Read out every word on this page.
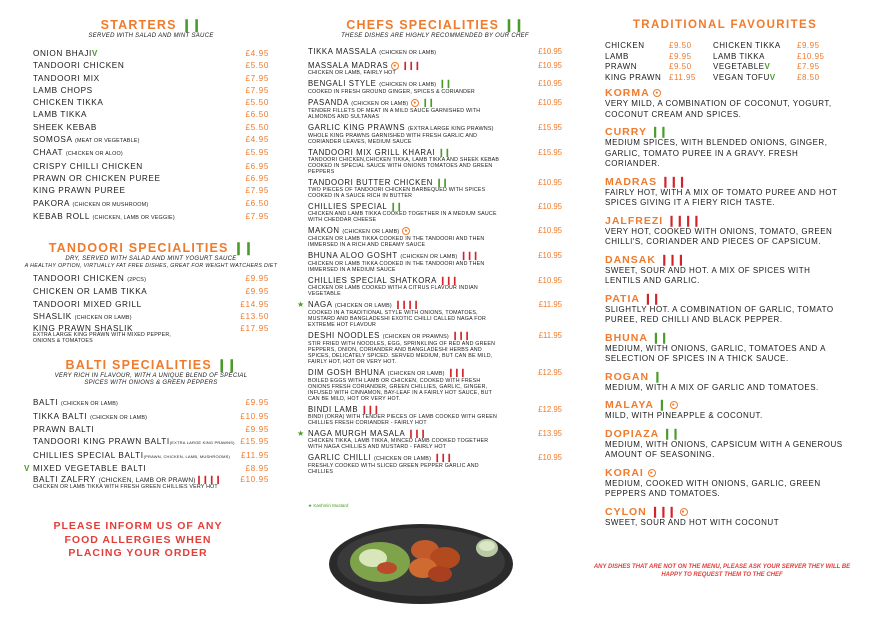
STARTERS ❙❙
SERVED WITH SALAD AND MINT SAUCE
ONION BHAJIV	£4.95
TANDOORI CHICKEN	£5.50
TANDOORI MIX	£7.95
LAMB CHOPS	£7.95
CHICKEN TIKKA	£5.50
LAMB TIKKA	£6.50
SHEEK KEBAB	£5.50
SOMOSA (MEAT OR VEGETABLE)	£4.95
CHAAT (CHICKEN OR ALOO)	£5.95
CRISPY CHILLI CHICKEN	£6.95
PRAWN OR CHICKEN PUREE	£6.95
KING PRAWN PUREE	£7.95
PAKORA (CHICKEN OR MUSHROOM)	£6.50
KEBAB ROLL (CHICKEN, LAMB OR VEGGIE)	£7.95
TANDOORI SPECIALITIES ❙❙
DRY, SERVED WITH SALAD AND MINT YOGURT SAUCE
A HEALTHY OPTION, VIRTUALLY FAT FREE DISHES, GREAT FOR WEIGHT WATCHERS DIET
TANDOORI CHICKEN (2PCS)	£9.95
CHICKEN OR LAMB TIKKA	£9.95
TANDOORI MIXED GRILL	£14.95
SHASLIK (CHICKEN OR LAMB)	£13.50
KING PRAWN SHASLIK	£17.95
EXTRA LARGE KING PRAWN WITH MIXED PEPPER, ONIONS & TOMATOES
BALTI SPECIALITIES ❙❙
VERY RICH IN FLAVOUR, WITH A UNIQUE BLEND OF SPECIAL SPICES WITH ONIONS & GREEN PEPPERS
BALTI (CHICKEN OR LAMB)	£9.95
TIKKA BALTI (CHICKEN OR LAMB)	£10.95
PRAWN BALTI	£9.95
TANDOORI KING PRAWN BALTI(EXTRA LARGE KING PRAWNS) £15.95
CHILLIES SPECIAL BALTI(PRAWN, CHICKEN, LAMB, MUSHROOMS) £11.95
V MIXED VEGETABLE BALTI	£8.95
BALTI ZALFRY (CHICKEN, LAMB OR PRAWN)❙❙❙❙ £10.95
CHICKEN OR LAMB TIKKA WITH FRESH GREEN CHILLIES VERY HOT
PLEASE INFORM US OF ANY FOOD ALLERGIES WHEN PLACING YOUR ORDER
CHEFS SPECIALITIES ❙❙
THESE DISHES ARE HIGHLY RECOMMENDED BY OUR CHEF
TIKKA MASSALA (CHICKEN OR LAMB)	£10.95
MASSALA MADRAS ● ❙❙❙	£10.95
CHICKEN OR LAMB, FAIRLY HOT
BENGALI STYLE (CHICKEN OR LAMB) ❙❙	£10.95
COOKED IN FRESH GROUND GINGER, SPICES & CORIANDER
PASANDA (CHICKEN OR LAMB) ● ❙❙	£10.95
TENDER FILLETS OF MEAT IN A MILD SAUCE GARNISHED WITH ALMONDS AND SULTANAS
GARLIC KING PRAWNS (EXTRA LARGE KING PRAWNS)	£15.95
WHOLE KING PRAWNS GARNISHED WITH FRESH GARLIC AND CORIANDER LEAVES, MEDIUM SAUCE
TANDOORI MIX GRILL KHARAI ❙❙	£15.95
TANDOORI CHICKEN,CHICKEN TIKKA, LAMB TIKKA AND SHEEK KEBAB COOKED IN SPECIAL SAUCE WITH ONIONS TOMATOES AND GREEN PEPPERS
TANDOORI BUTTER CHICKEN ❙❙	£10.95
TWO PIECES OF TANDOORI CHICKEN BARBEQUED WITH SPICES COOKED IN A SAUCE RICH IN BUTTER
CHILLIES SPECIAL ❙❙	£10.95
CHICKEN AND LAMB TIKKA COOKED TOGETHER IN A MEDIUM SAUCE WITH CHEDDAR CHEESE
MAKON (CHICKEN OR LAMB) ●	£10.95
CHICKEN OR LAMB TIKKA COOKED IN THE TANDOORI AND THEN IMMERSED IN A RICH AND CREAMY SAUCE
BHUNA ALOO GOSHT (CHICKEN OR LAMB) ❙❙❙	£10.95
CHICKEN OR LAMB TIKKA COOKED IN THE TANDOORI AND THEN IMMERSED IN A MEDIUM SAUCE
CHILLIES SPECIAL SHATKORA ❙❙❙	£10.95
CHICKEN OR LAMB COOKED WITH A CITRUS FLAVOUR INDIAN VEGETABLE
★ NAGA (CHICKEN OR LAMB) ❙❙❙❙	£11.95
COOKED IN A TRADITIONAL STYLE WITH ONIONS, TOMATOES, MUSTARD AND BANGLADESHI EXOTIC CHILLI CALLED NAGA FOR EXTREME HOT FLAVOUR
DESHI NOODLES (CHICKEN OR PRAWNS) ❙❙❙	£11.95
STIR FRIED WITH NOODLES, EGG, SPRINKLING OF RED AND GREEN PEPPERS, ONION, CORIANDER AND BANGLADESHI HERBS AND SPICES, DELICATELY SPICED. SERVED MEDIUM, BUT CAN BE MILD, FAIRLY HOT, HOT OR VERY HOT.
DIM GOSH BHUNA (CHICKEN OR LAMB) ❙❙❙	£12.95
BOILED EGGS WITH LAMB OR CHICKEN, COOKED WITH FRESH ONIONS FRESH CORIANDER, GREEN CHILLIES, GARLIC, GINGER, INFUSED WITH CINNAMON, BAY-LEAF IN A FAIRLY HOT SAUCE, BUT CAN BE MILD, HOT OR VERY HOT.
BINDI LAMB ❙❙❙	£12.95
BINDI (OKRA) WITH TENDER PIECES OF LAMB COOKED WITH GREEN CHILLIES FRESH CORIANDER - FAIRLY HOT
★ NAGA MURGH MASALA ❙❙❙	£13.95
CHICKEN TIKKA, LAMB TIKKA, MINCED LAMB COOKED TOGETHER WITH NAGA CHILLIES AND MUSTARD - FAIRLY HOT
GARLIC CHILLI (CHICKEN OR LAMB) ❙❙❙	£10.95
FRESHLY COOKED WITH SLICED GREEN PEPPER GARLIC AND CHILLIES
★ Kashmiri Mustard
TRADITIONAL FAVOURITES
CHICKEN	£9.50	CHICKEN TIKKA	£9.95
LAMB	£9.95	LAMB TIKKA	£10.95
PRAWN	£9.50	VEGETABLEV	£7.95
KING PRAWN £11.95	VEGAN TOFUV	£8.50
KORMA ●

VERY MILD, A COMBINATION OF COCONUT, YOGURT, COCONUT CREAM AND SPICES.

CURRY ❙❙

MEDIUM SPICES, WITH BLENDED ONIONS, GINGER, GARLIC, TOMATO PUREE IN A GRAVY. FRESH CORIANDER.

MADRAS ❙❙❙

FAIRLY HOT, WITH A MIX OF TOMATO PUREE AND HOT SPICES GIVING IT A FIERY RICH TASTE.

JALFREZI ❙❙❙❙

VERY HOT, COOKED WITH ONIONS, TOMATO, GREEN CHILLI'S, CORIANDER AND PIECES OF CAPSICUM.

DANSAK ❙❙❙

SWEET, SOUR AND HOT. A MIX OF SPICES WITH LENTILS AND GARLIC.

PATIA ❙❙

SLIGHTLY HOT. A COMBINATION OF GARLIC, TOMATO PUREE, RED CHILLI AND BLACK PEPPER.

BHUNA ❙❙

MEDIUM, WITH ONIONS, GARLIC, TOMATOES AND A SELECTION OF SPICES IN A THICK SAUCE.

ROGAN ❙

MEDIUM, WITH A MIX OF GARLIC AND TOMATOES.

MALAYA ❙ ●

MILD, WITH PINEAPPLE & COCONUT.

DOPIAZA ❙❙

MEDIUM, WITH ONIONS, CAPSICUM WITH A GENEROUS AMOUNT OF SEASONING.

KORAI ●

MEDIUM, COOKED WITH ONIONS, GARLIC, GREEN PEPPERS AND TOMATOES.

CYLON ❙❙❙ ●

SWEET, SOUR AND HOT WITH COCONUT

ANY DISHES THAT ARE NOT ON THE MENU, PLEASE ASK YOUR SERVER THEY WILL BE HAPPY TO REQUEST THEM TO THE CHEF
